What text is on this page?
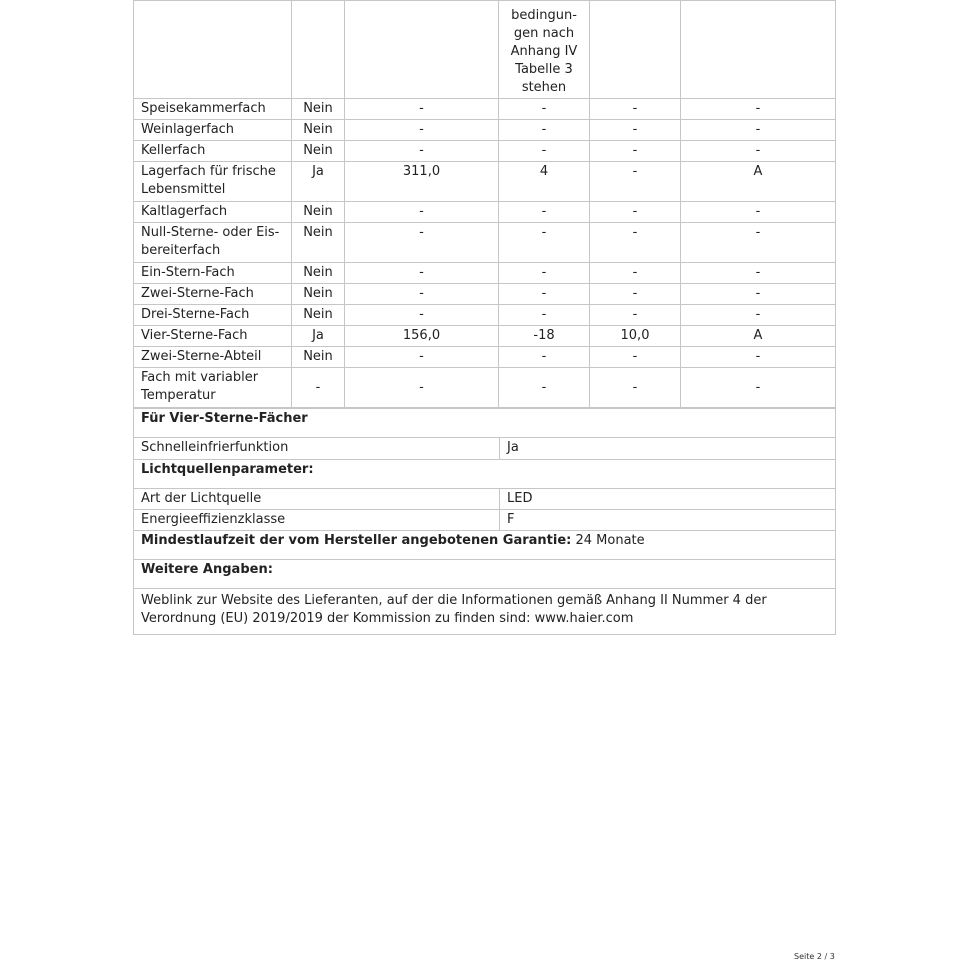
			bedingun-
gen nach
Anhang IV
Tabelle 3
stehen		

Speisekammerfach	Nein	-	-	-	-
Weinlagerfach	Nein	-	-	-	-
Kellerfach	Nein	-	-	-	-
Lagerfach für frische Lebensmittel	Ja	311,0	4	-	A
Kaltlagerfach	Nein	-	-	-	-
Null-Sterne- oder Eis-bereiterfach	Nein	-	-	-	-
Ein-Stern-Fach	Nein	-	-	-	-
Zwei-Sterne-Fach	Nein	-	-	-	-
Drei-Sterne-Fach	Nein	-	-	-	-
Vier-Sterne-Fach	Ja	156,0	-18	10,0	A
Zwei-Sterne-Abteil	Nein	-	-	-	-
Fach mit variabler Temperatur	-	-	-	-	-
Für Vier-Sterne-Fächer	
Schnelleinfrierfunktion	Ja
Lichtquellenparameter:	
Art der Lichtquelle	LED
Energieeffizienzklasse	F
Mindestlaufzeit der vom Hersteller angebotenen Garantie: 24 Monate	
Weitere Angaben:	
Weblink zur Website des Lieferanten, auf der die Informationen gemäß Anhang II Nummer 4 der Verordnung (EU) 2019/2019 der Kommission zu finden sind: www.haier.com	
Seite 2 / 3
